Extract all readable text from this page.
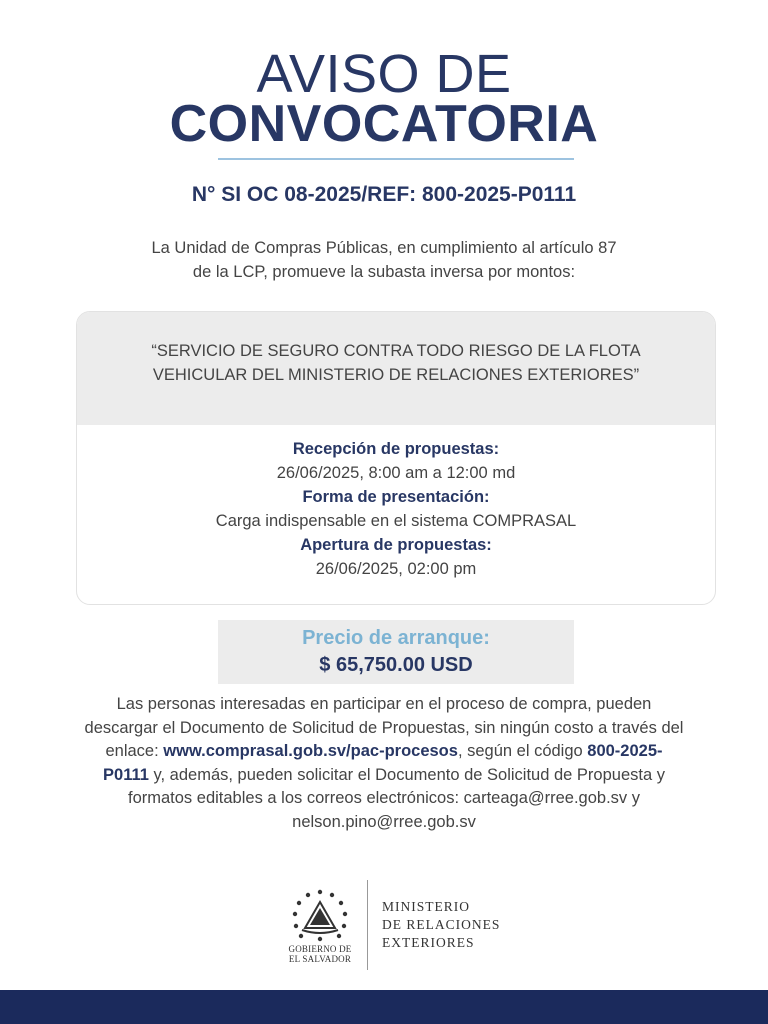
AVISO DE
CONVOCATORIA
N° SI OC 08-2025/REF: 800-2025-P0111
La Unidad de Compras Públicas, en cumplimiento al artículo 87
de la LCP, promueve la subasta inversa por montos:
“SERVICIO DE SEGURO CONTRA TODO RIESGO DE LA FLOTA
VEHICULAR DEL MINISTERIO DE RELACIONES EXTERIORES”
Recepción de propuestas:
26/06/2025, 8:00 am a 12:00 md
Forma de presentación:
Carga indispensable en el sistema COMPRASAL
Apertura de propuestas:
26/06/2025, 02:00 pm
Precio de arranque:
$ 65,750.00 USD
Las personas interesadas en participar en el proceso de compra, pueden descargar el Documento de Solicitud de Propuestas, sin ningún costo a través del enlace: www.comprasal.gob.sv/pac-procesos, según el código 800-2025-P0111 y, además, pueden solicitar el Documento de Solicitud de Propuesta y formatos editables a los correos electrónicos: carteaga@rree.gob.sv y nelson.pino@rree.gob.sv
GOBIERNO DE
EL SALVADOR
MINISTERIO
DE RELACIONES
EXTERIORES
